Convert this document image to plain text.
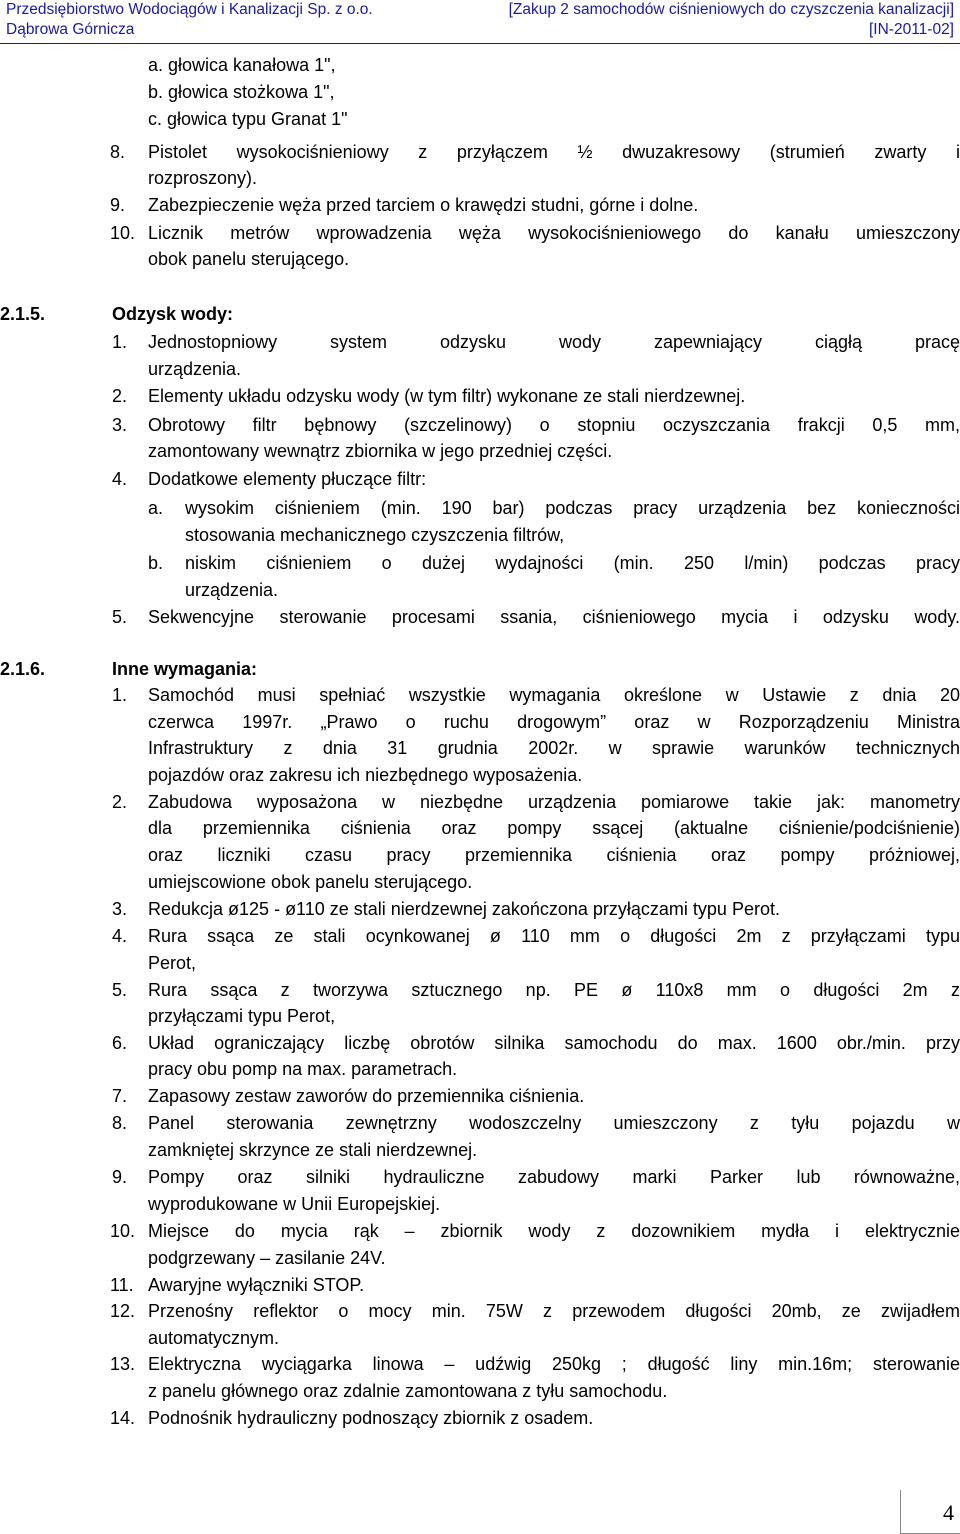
Przedsiębiorstwo Wodociągów i Kanalizacji Sp. z o.o.
Dąbrowa Górnicza
[Zakup 2 samochodów ciśnieniowych do czyszczenia kanalizacji]
[IN-2011-02]
a. głowica kanałowa 1",
b. głowica stożkowa 1",
c. głowica typu Granat 1"
8. Pistolet wysokociśnieniowy z przyłączem ½ dwuzakresowy (strumień zwarty i
rozproszony).
9. Zabezpieczenie węża przed tarciem o krawędzi studni, górne i dolne.
10. Licznik metrów wprowadzenia węża wysokociśnieniowego do kanału umieszczony
obok panelu sterującego.
2.1.5.	Odzysk wody:
1. Jednostopniowy system odzysku wody zapewniający ciągłą pracę
urządzenia.
2. Elementy układu odzysku wody (w tym filtr) wykonane ze stali nierdzewnej.
3. Obrotowy filtr bębnowy (szczelinowy) o stopniu oczyszczania frakcji 0,5 mm,
zamontowany wewnątrz zbiornika w jego przedniej części.
4. Dodatkowe elementy płuczące filtr:
a. wysokim ciśnieniem (min. 190 bar) podczas pracy urządzenia bez konieczności
stosowania mechanicznego czyszczenia filtrów,
b. niskim ciśnieniem o dużej wydajności (min. 250 l/min) podczas pracy
urządzenia.
5. Sekwencyjne sterowanie procesami ssania, ciśnieniowego mycia i odzysku wody.
2.1.6.	Inne wymagania:
1. Samochód musi spełniać wszystkie wymagania określone w Ustawie z dnia 20
czerwca 1997r. „Prawo o ruchu drogowym” oraz w Rozporządzeniu Ministra
Infrastruktury z dnia 31 grudnia 2002r. w sprawie warunków technicznych
pojazdów oraz zakresu ich niezbędnego wyposażenia.
2. Zabudowa wyposażona w niezbędne urządzenia pomiarowe takie jak: manometry
dla przemiennika ciśnienia oraz pompy ssącej (aktualne ciśnienie/podciśnienie)
oraz liczniki czasu pracy przemiennika ciśnienia oraz pompy próżniowej,
umiejscowione obok panelu sterującego.
3. Redukcja ø125 - ø110 ze stali nierdzewnej zakończona przyłączami typu Perot.
4. Rura ssąca ze stali ocynkowanej ø 110 mm o długości 2m z przyłączami typu
Perot,
5. Rura ssąca z tworzywa sztucznego np. PE ø 110x8 mm o długości 2m z
przyłączami typu Perot,
6. Układ ograniczający liczbę obrotów silnika samochodu do max. 1600 obr./min. przy
pracy obu pomp na max. parametrach.
7. Zapasowy zestaw zaworów do przemiennika ciśnienia.
8. Panel sterowania zewnętrzny wodoszczelny umieszczony z tyłu pojazdu w
zamkniętej skrzynce ze stali nierdzewnej.
9. Pompy oraz silniki hydrauliczne zabudowy marki Parker lub równoważne,
wyprodukowane w Unii Europejskiej.
10. Miejsce do mycia rąk – zbiornik wody z dozownikiem mydła i elektrycznie
podgrzewany – zasilanie 24V.
11. Awaryjne wyłączniki STOP.
12. Przenośny reflektor o mocy min. 75W z przewodem długości 20mb, ze zwijadłem
automatycznym.
13. Elektryczna wyciągarka linowa – udźwig 250kg ; długość liny min.16m; sterowanie
z panelu głównego oraz zdalnie zamontowana z tyłu samochodu.
14. Podnośnik hydrauliczny podnoszący zbiornik z osadem.
4
